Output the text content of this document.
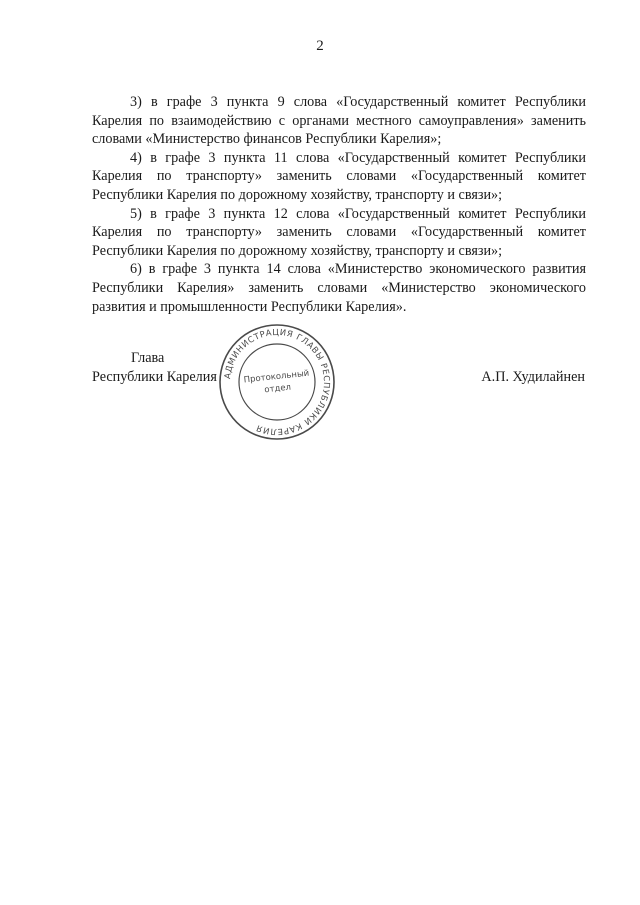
2

3) в графе 3 пункта 9 слова «Государственный комитет Республики Карелия по взаимодействию с органами местного самоуправления» заменить словами «Министерство финансов Республики Карелия»;

4) в графе 3 пункта 11 слова «Государственный комитет Республики Карелия по транспорту» заменить словами «Государственный комитет Республики Карелия по дорожному хозяйству, транспорту и связи»;

5) в графе 3 пункта 12 слова «Государственный комитет Республики Карелия по транспорту» заменить словами «Государственный комитет Республики Карелия по дорожному хозяйству, транспорту и связи»;

6) в графе 3 пункта 14 слова «Министерство экономического развития Республики Карелия» заменить словами «Министерство экономического развития и промышленности Республики Карелия».

Глава
Республики Карелия	А.П. Худилайнен
АДМИНИСТРАЦИЯ ГЛАВЫ РЕСПУБЛИКИ КАРЕЛИЯ
Протокольный
отдел
